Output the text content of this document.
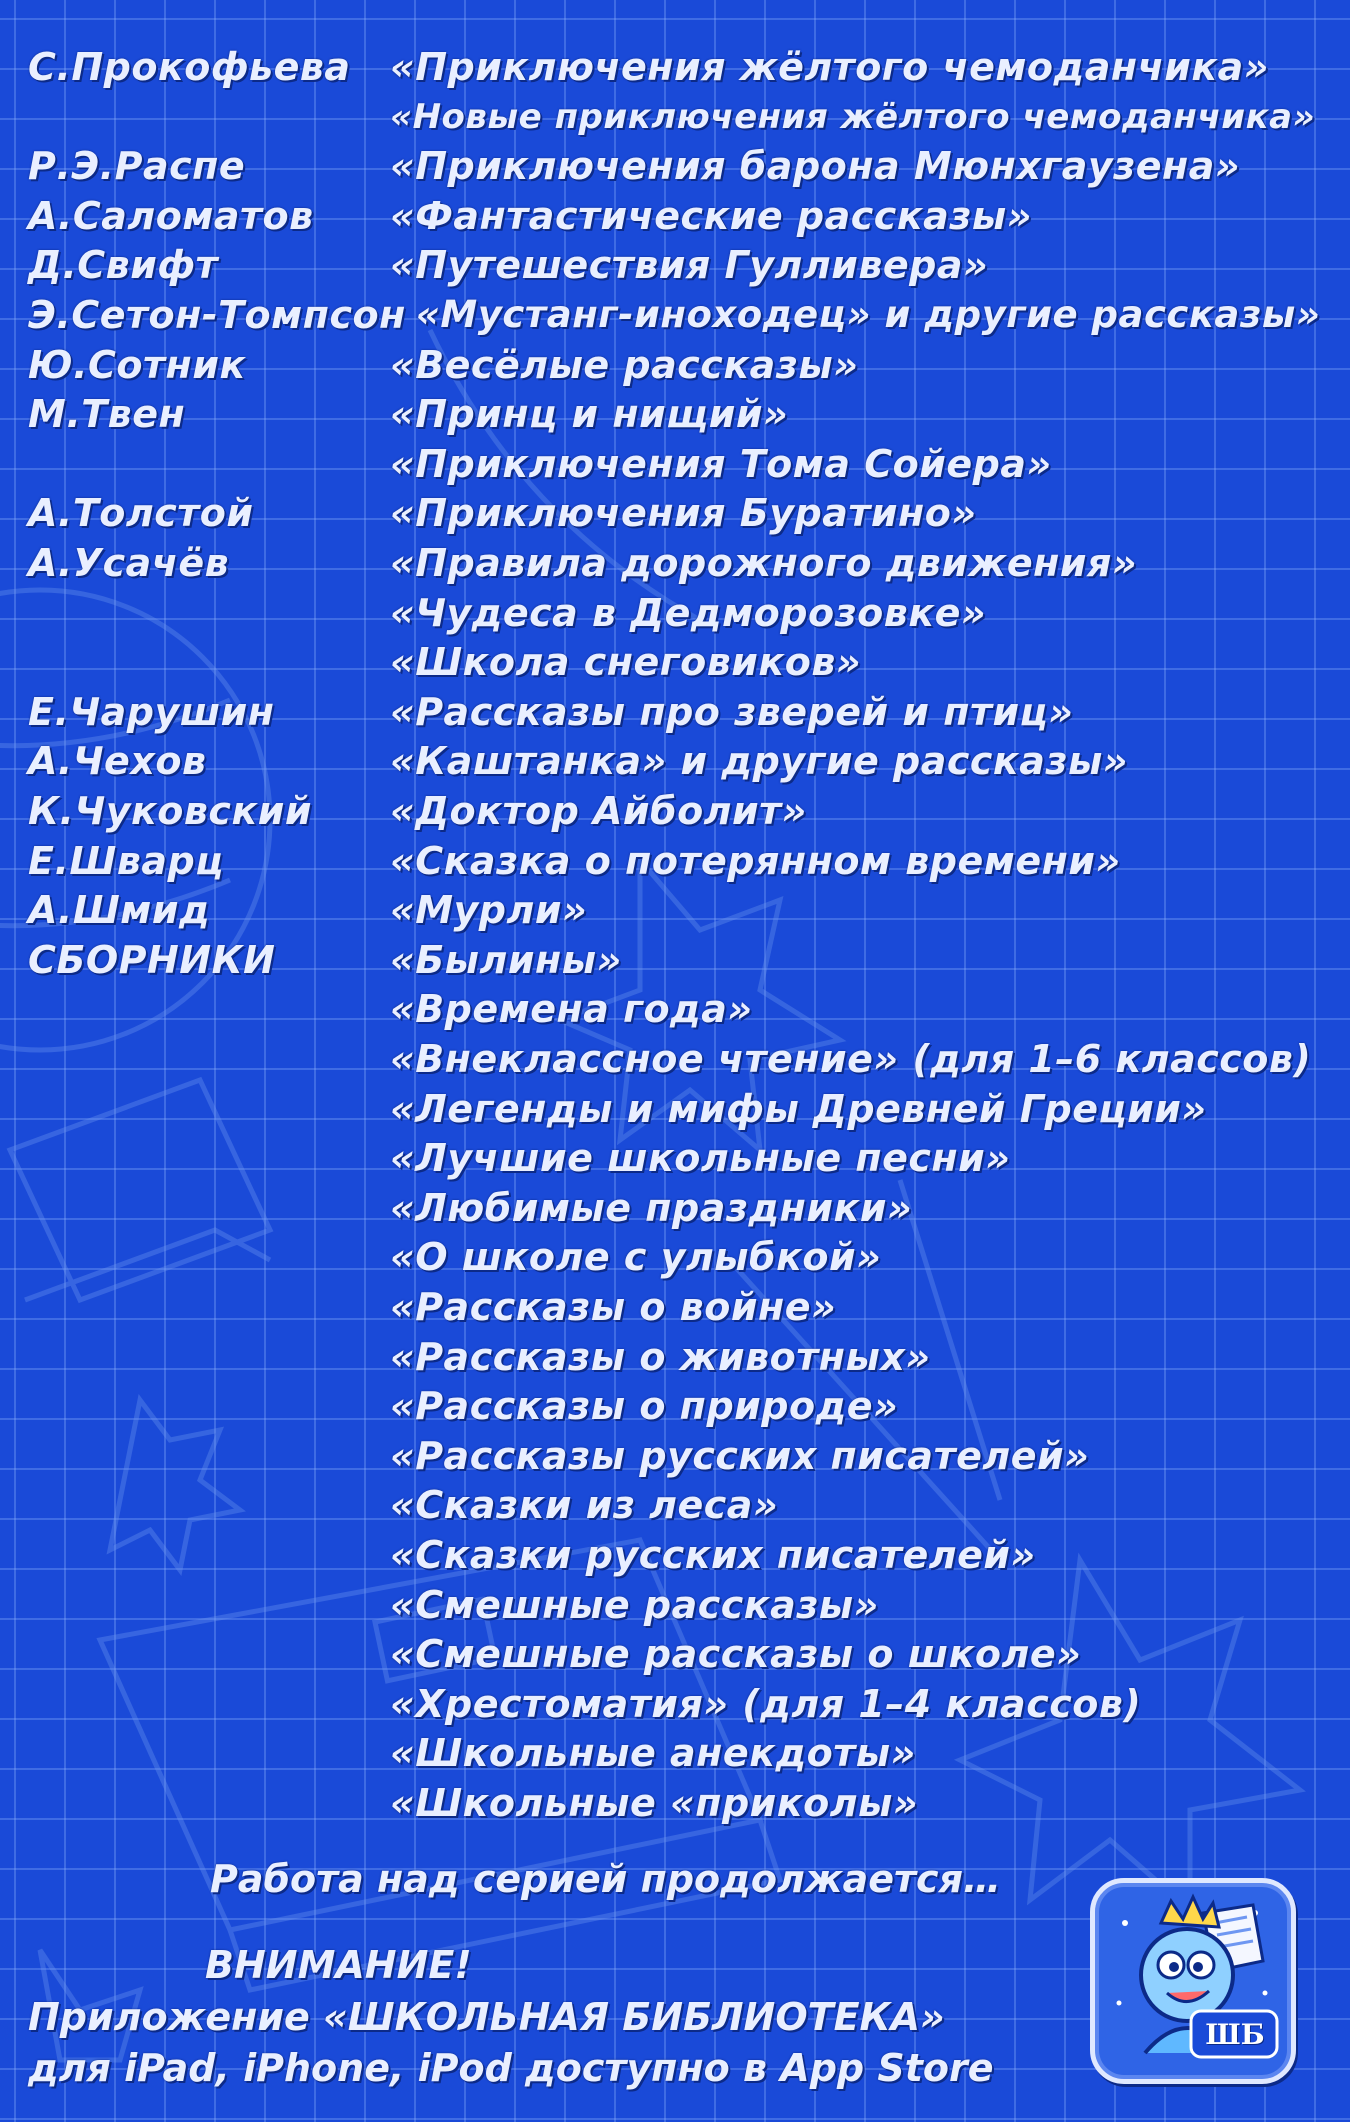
С.Прокофьева «Приключения жёлтого чемоданчика»
«Новые приключения жёлтого чемоданчика»
Р.Э.Распе	«Приключения барона Мюнхгаузена»
А.Саломатов «Фантастические рассказы»
Д.Свифт	«Путешествия Гулливера»
Э.Сетон-Томпсон «Мустанг-иноходец» и другие рассказы»
Ю.Сотник	«Весёлые рассказы»
М.Твен	«Принц и нищий»
«Приключения Тома Сойера»
А.Толстой	«Приключения Буратино»
А.Усачёв	«Правила дорожного движения»
«Чудеса в Дедморозовке»
«Школа снеговиков»
Е.Чарушин	«Рассказы про зверей и птиц»
А.Чехов	«Каштанка» и другие рассказы»
К.Чуковский «Доктор Айболит»
Е.Шварц	«Сказка о потерянном времени»
А.Шмид	«Мурли»
СБОРНИКИ	«Былины»
«Времена года»
«Внеклассное чтение» (для 1–6 классов)
«Легенды и мифы Древней Греции»
«Лучшие школьные песни»
«Любимые праздники»
«О школе с улыбкой»
«Рассказы о войне»
«Рассказы о животных»
«Рассказы о природе»
«Рассказы русских писателей»
«Сказки из леса»
«Сказки русских писателей»
«Смешные рассказы»
«Смешные рассказы о школе»
«Хрестоматия» (для 1–4 классов)
«Школьные анекдоты»
«Школьные «приколы»
Работа над серией продолжается…
ВНИМАНИЕ!
Приложение «ШКОЛЬНАЯ БИБЛИОТЕКА»
для iPad, iPhone, iPod доступно в App Store
ШБ
